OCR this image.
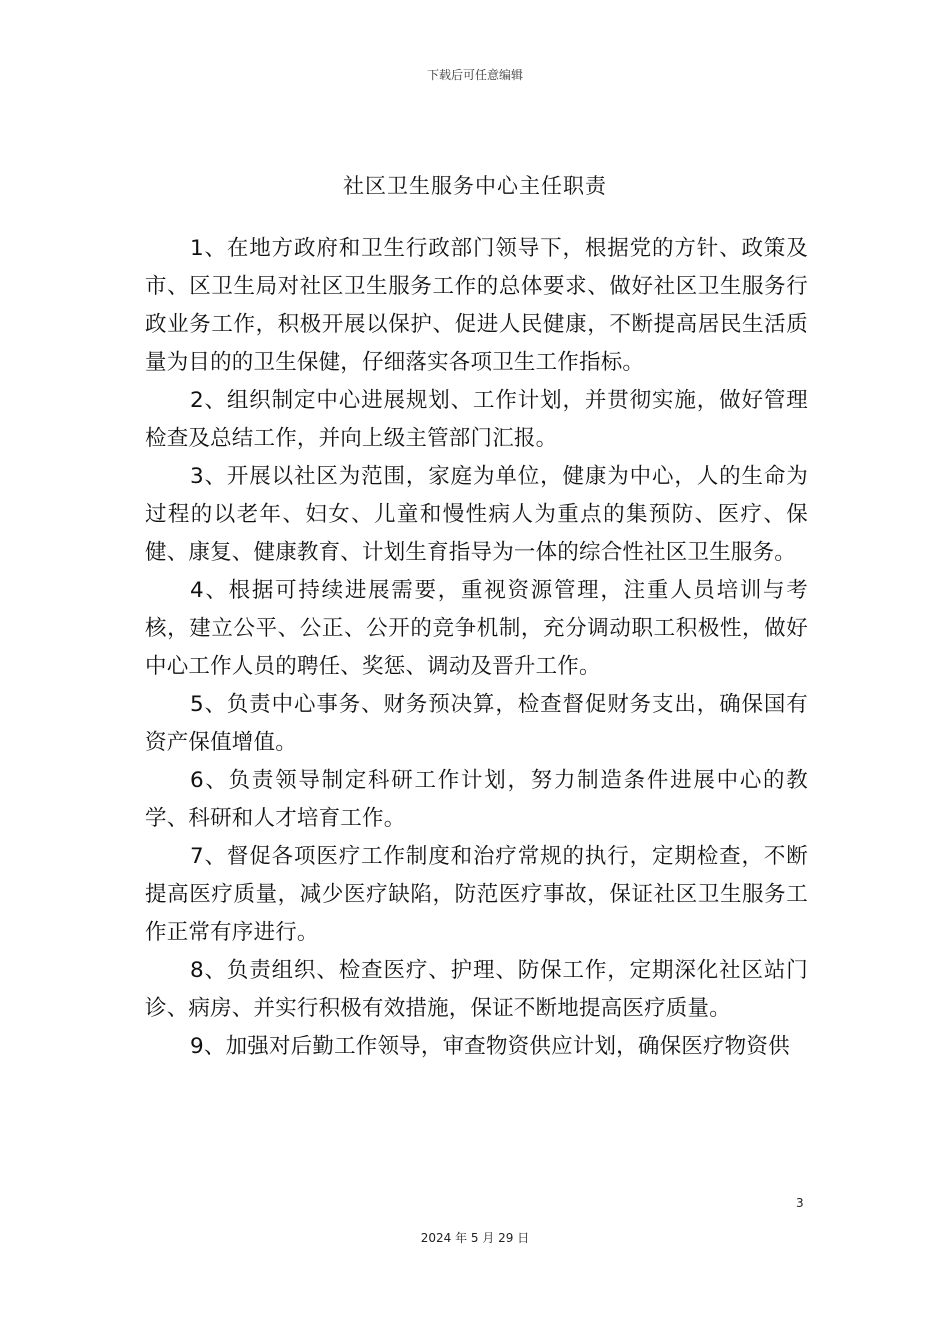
下载后可任意编辑
社区卫生服务中心主任职责

1、在地方政府和卫生行政部门领导下，根据党的方针、政策及市、区卫生局对社区卫生服务工作的总体要求、做好社区卫生服务行政业务工作，积极开展以保护、促进人民健康，不断提高居民生活质量为目的的卫生保健，仔细落实各项卫生工作指标。

2、组织制定中心进展规划、工作计划，并贯彻实施，做好管理检查及总结工作，并向上级主管部门汇报。

3、开展以社区为范围，家庭为单位，健康为中心，人的生命为过程的以老年、妇女、儿童和慢性病人为重点的集预防、医疗、保健、康复、健康教育、计划生育指导为一体的综合性社区卫生服务。

4、根据可持续进展需要，重视资源管理，注重人员培训与考核，建立公平、公正、公开的竞争机制，充分调动职工积极性，做好中心工作人员的聘任、奖惩、调动及晋升工作。

5、负责中心事务、财务预决算，检查督促财务支出，确保国有资产保值增值。

6、负责领导制定科研工作计划，努力制造条件进展中心的教学、科研和人才培育工作。

7、督促各项医疗工作制度和治疗常规的执行，定期检查，不断提高医疗质量，减少医疗缺陷，防范医疗事故，保证社区卫生服务工作正常有序进行。

8、负责组织、检查医疗、护理、防保工作，定期深化社区站门诊、病房、并实行积极有效措施，保证不断地提高医疗质量。

9、加强对后勤工作领导，审查物资供应计划，确保医疗物资供

3
2024 年 5 月 29 日
